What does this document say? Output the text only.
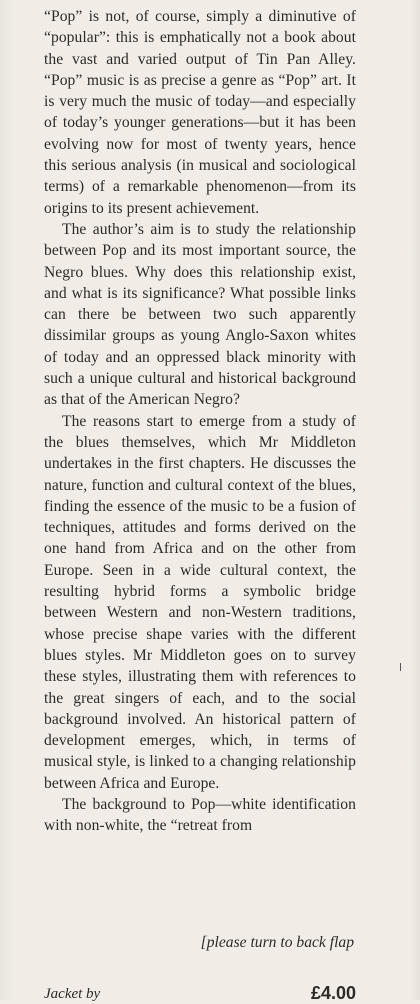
“Pop” is not, of course, simply a diminutive of “popular”: this is emphatically not a book about the vast and varied output of Tin Pan Alley. “Pop” music is as precise a genre as “Pop” art. It is very much the music of today—and especially of today’s younger generations—but it has been evolving now for most of twenty years, hence this serious analysis (in musical and sociological terms) of a remarkable phenomenon—from its origins to its present achievement.

The author’s aim is to study the relationship between Pop and its most important source, the Negro blues. Why does this relationship exist, and what is its significance? What possible links can there be between two such apparently dissimilar groups as young Anglo-Saxon whites of today and an oppressed black minority with such a unique cultural and historical background as that of the American Negro?

The reasons start to emerge from a study of the blues themselves, which Mr Middleton undertakes in the first chapters. He discusses the nature, function and cultural context of the blues, finding the essence of the music to be a fusion of techniques, attitudes and forms derived on the one hand from Africa and on the other from Europe. Seen in a wide cultural context, the resulting hybrid forms a symbolic bridge between Western and non-Western traditions, whose precise shape varies with the different blues styles. Mr Middleton goes on to survey these styles, illustrating them with references to the great singers of each, and to the social background involved. An historical pattern of development emerges, which, in terms of musical style, is linked to a changing relationship between Africa and Europe.

The background to Pop—white identification with non-white, the “retreat from

[please turn to back flap
Jacket by	£4.00
